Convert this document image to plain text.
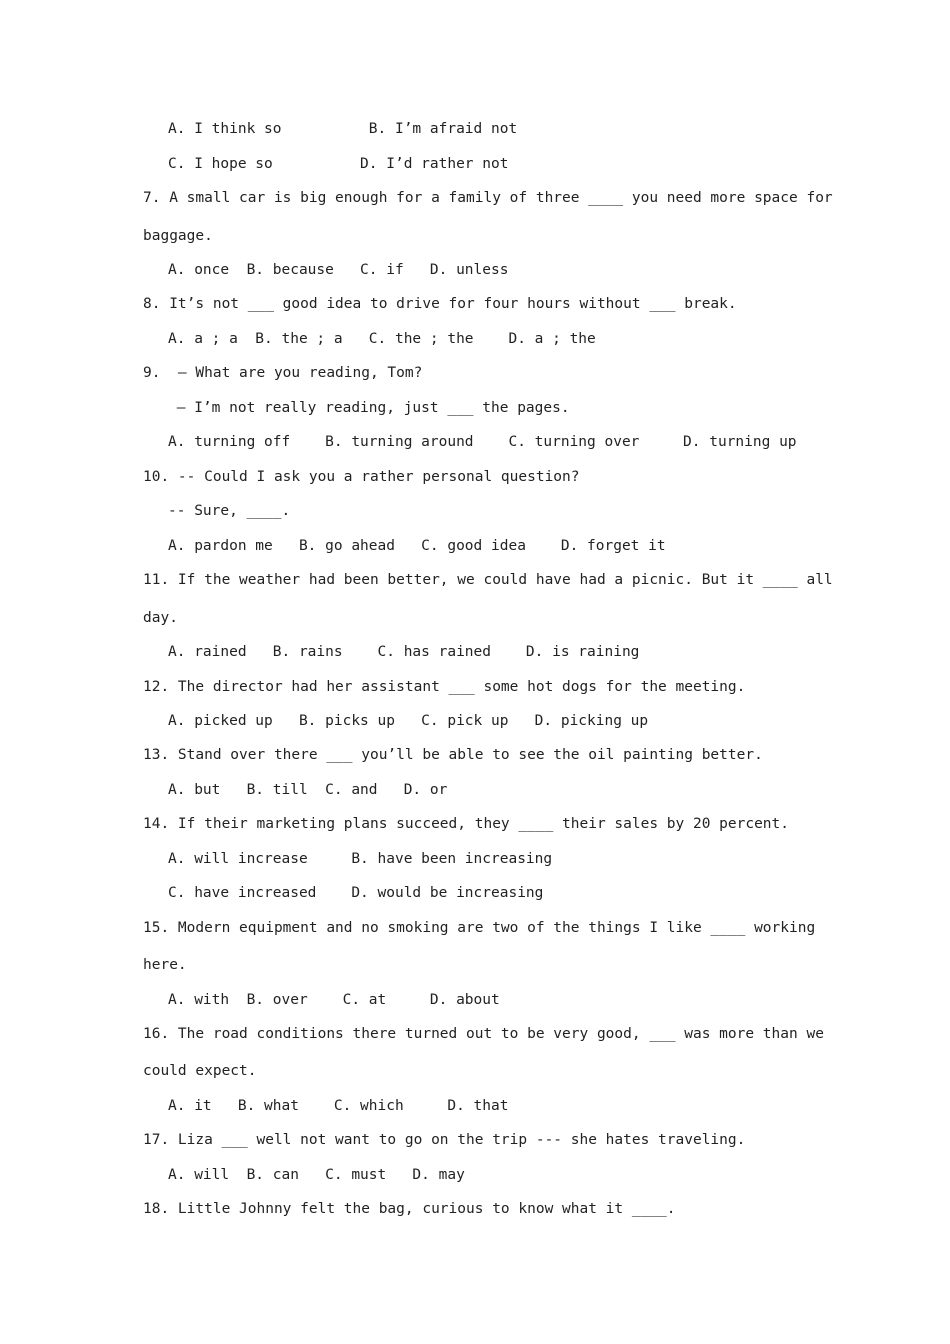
A. I think so          B. I’m afraid not
C. I hope so          D. I’d rather not
7. A small car is big enough for a family of three ____ you need more space for
baggage.
A. once  B. because   C. if   D. unless
8. It’s not ___ good idea to drive for four hours without ___ break.
A. a ; a  B. the ; a   C. the ; the    D. a ; the
9.  – What are you reading, Tom?
– I’m not really reading, just ___ the pages.
A. turning off    B. turning around    C. turning over     D. turning up
10. -- Could I ask you a rather personal question?
-- Sure, ____.
A. pardon me   B. go ahead   C. good idea    D. forget it
11. If the weather had been better, we could have had a picnic. But it ____ all
day.
A. rained   B. rains    C. has rained    D. is raining
12. The director had her assistant ___ some hot dogs for the meeting.
A. picked up   B. picks up   C. pick up   D. picking up
13. Stand over there ___ you’ll be able to see the oil painting better.
A. but   B. till  C. and   D. or
14. If their marketing plans succeed, they ____ their sales by 20 percent.
A. will increase     B. have been increasing
C. have increased    D. would be increasing
15. Modern equipment and no smoking are two of the things I like ____ working
here.
A. with  B. over    C. at     D. about
16. The road conditions there turned out to be very good, ___ was more than we
could expect.
A. it   B. what    C. which     D. that
17. Liza ___ well not want to go on the trip --- she hates traveling.
A. will  B. can   C. must   D. may
18. Little Johnny felt the bag, curious to know what it ____.
